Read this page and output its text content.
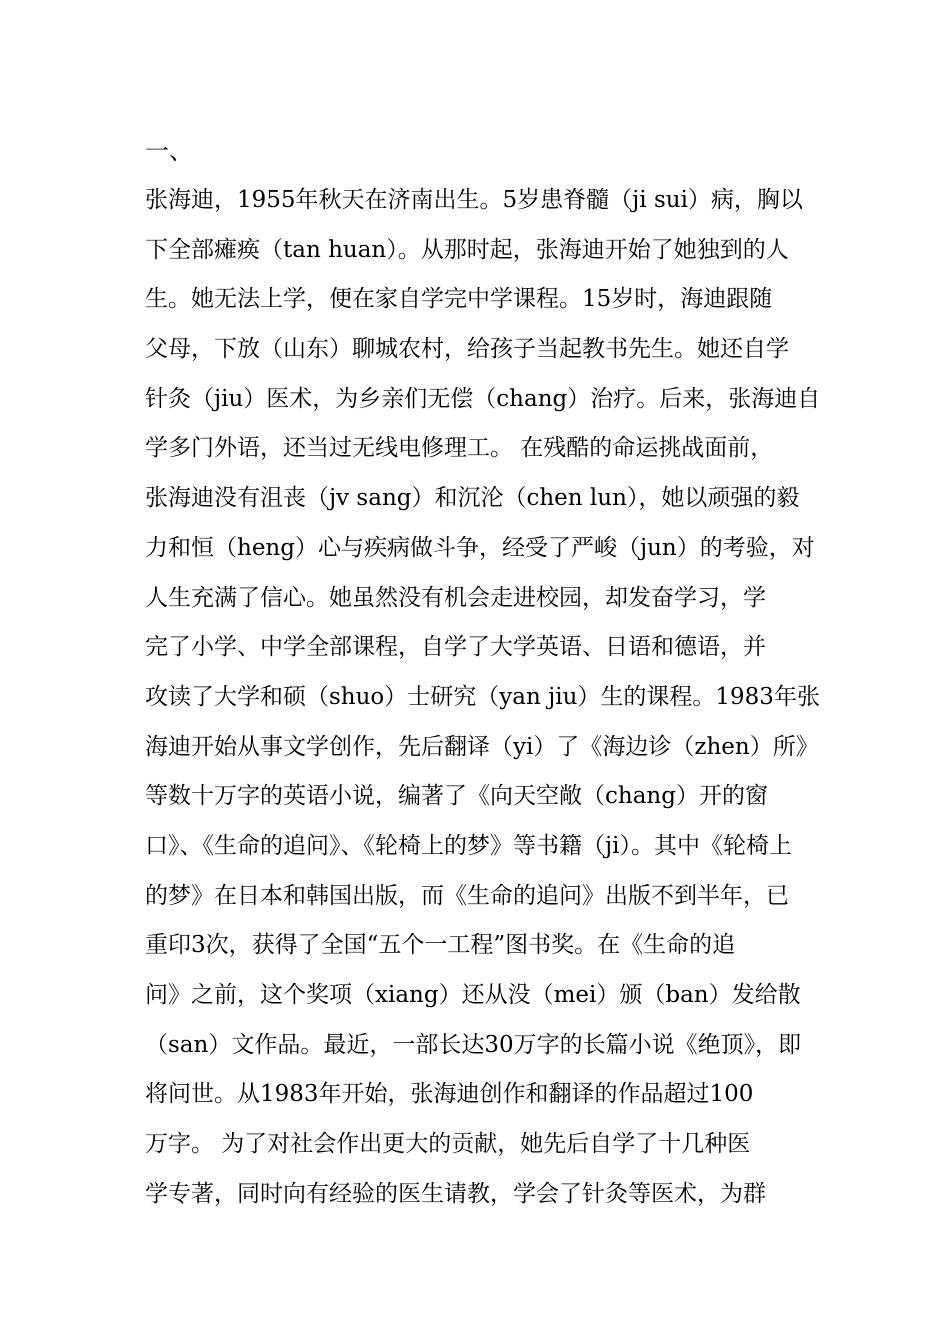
一、
张海迪，1955年秋天在济南出生。5岁患脊髓（ji sui）病，胸以
下全部瘫痪（tan huan）。从那时起，张海迪开始了她独到的人
生。她无法上学，便在家自学完中学课程。15岁时，海迪跟随
父母，下放（山东）聊城农村，给孩子当起教书先生。她还自学
针灸（jiu）医术，为乡亲们无偿（chang）治疗。后来，张海迪自
学多门外语，还当过无线电修理工。 在残酷的命运挑战面前，
张海迪没有沮丧（jv sang）和沉沦（chen lun），她以顽强的毅
力和恒（heng）心与疾病做斗争，经受了严峻（jun）的考验，对
人生充满了信心。她虽然没有机会走进校园，却发奋学习，学
完了小学、中学全部课程，自学了大学英语、日语和德语，并
攻读了大学和硕（shuo）士研究（yan jiu）生的课程。1983年张
海迪开始从事文学创作，先后翻译（yi）了《海边诊（zhen）所》
等数十万字的英语小说，编著了《向天空敞（chang）开的窗
口》、《生命的追问》、《轮椅上的梦》等书籍（ji）。其中《轮椅上
的梦》在日本和韩国出版，而《生命的追问》出版不到半年，已
重印3次，获得了全国“五个一工程”图书奖。在《生命的追
问》之前，这个奖项（xiang）还从没（mei）颁（ban）发给散
（san）文作品。最近，一部长达30万字的长篇小说《绝顶》，即
将问世。从1983年开始，张海迪创作和翻译的作品超过100
万字。 为了对社会作出更大的贡献，她先后自学了十几种医
学专著，同时向有经验的医生请教，学会了针灸等医术，为群
